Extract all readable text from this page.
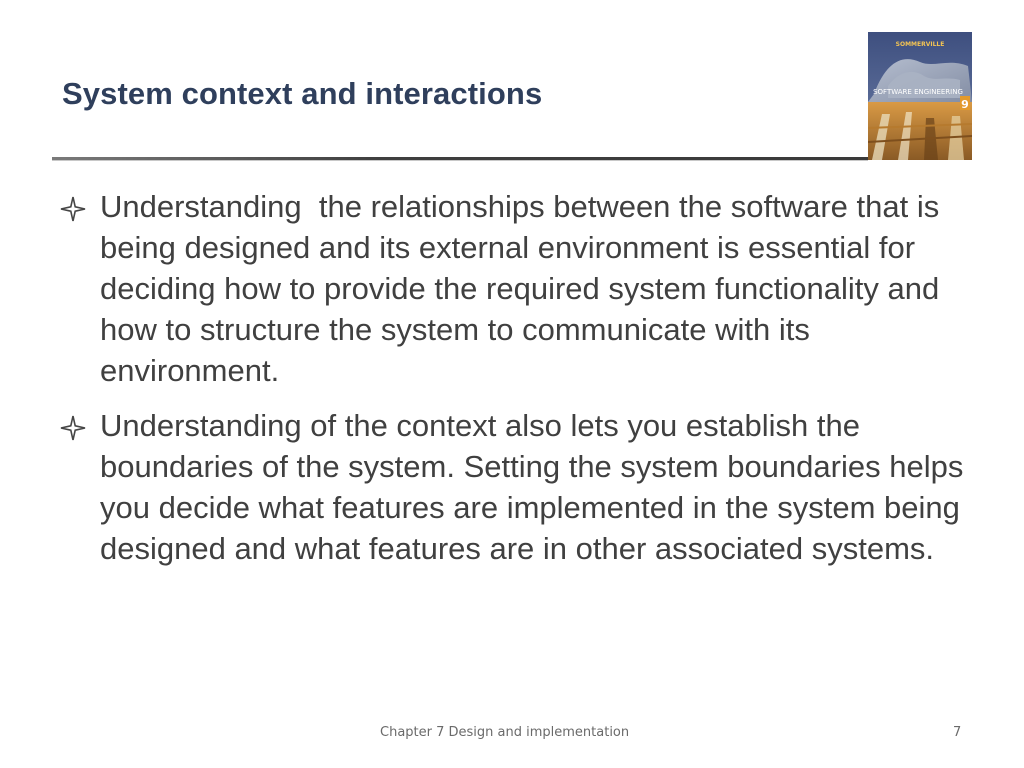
System context and interactions
SOMMERVILLE
SOFTWARE ENGINEERING
9
Understanding  the relationships between the software that is being designed and its external environment is essential for deciding how to provide the required system functionality and how to structure the system to communicate with its environment.
Understanding of the context also lets you establish the boundaries of the system. Setting the system boundaries helps you decide what features are implemented in the system being designed and what features are in other associated systems.
Chapter 7 Design and implementation	7
